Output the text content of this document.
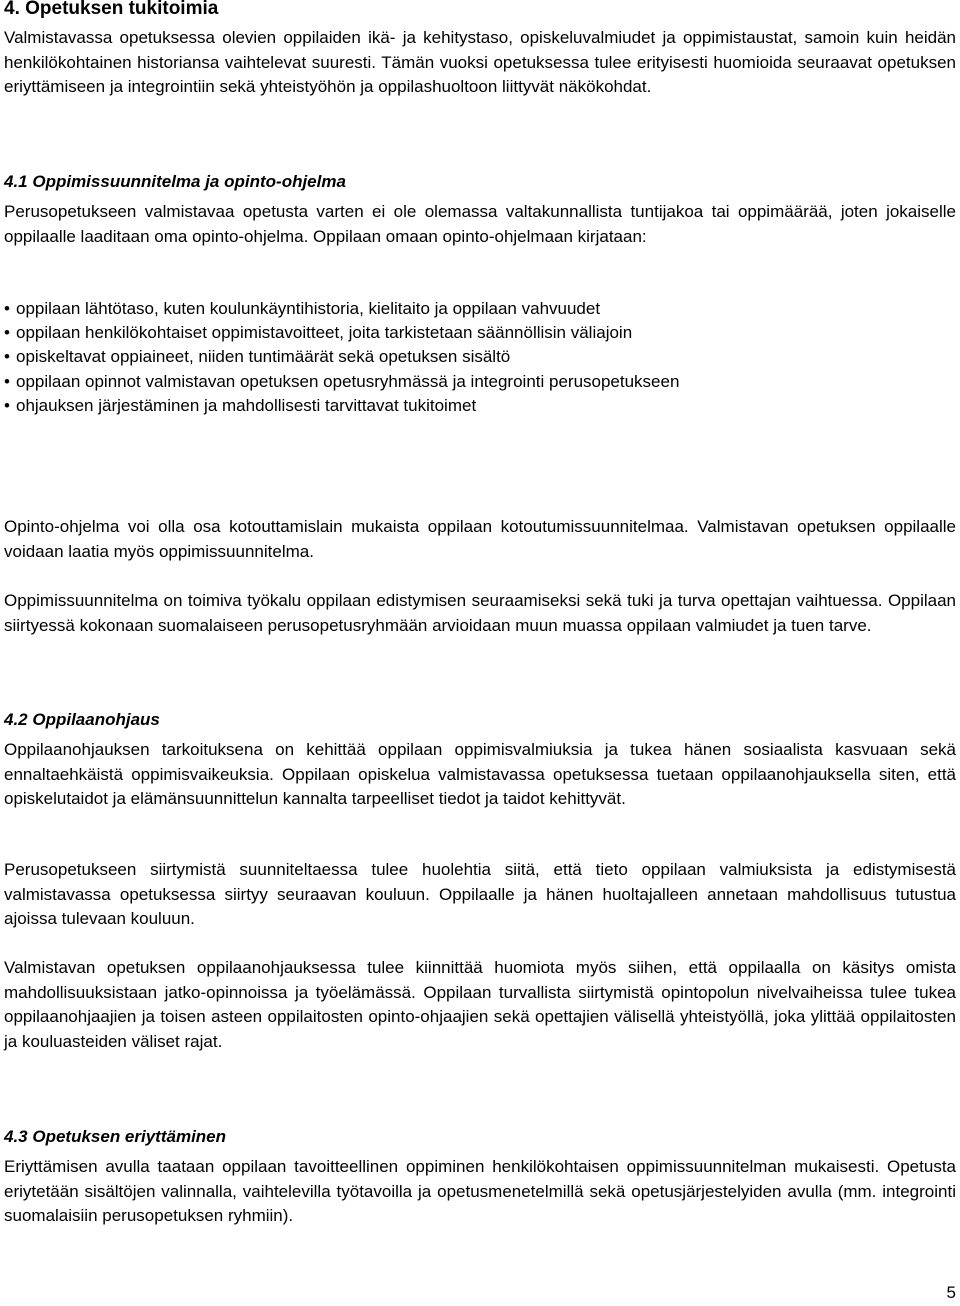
4. Opetuksen tukitoimia

Valmistavassa opetuksessa olevien oppilaiden ikä- ja kehitystaso, opiskeluvalmiudet ja oppimistaustat, samoin kuin heidän henkilökohtainen historiansa vaihtelevat suuresti. Tämän vuoksi opetuksessa tulee erityisesti huomioida seuraavat opetuksen eriyttämiseen ja integrointiin sekä yhteistyöhön ja oppilashuoltoon liittyvät näkökohdat.

4.1 Oppimissuunnitelma ja opinto-ohjelma

Perusopetukseen valmistavaa opetusta varten ei ole olemassa valtakunnallista tuntijakoa tai oppimäärää, joten jokaiselle oppilaalle laaditaan oma opinto-ohjelma. Oppilaan omaan opinto-ohjelmaan kirjataan:

• oppilaan lähtötaso, kuten koulunkäyntihistoria, kielitaito ja oppilaan vahvuudet
• oppilaan henkilökohtaiset oppimistavoitteet, joita tarkistetaan säännöllisin väliajoin
• opiskeltavat oppiaineet, niiden tuntimäärät sekä opetuksen sisältö
• oppilaan opinnot valmistavan opetuksen opetusryhmässä ja integrointi perusopetukseen
• ohjauksen järjestäminen ja mahdollisesti tarvittavat tukitoimet

Opinto-ohjelma voi olla osa kotouttamislain mukaista oppilaan kotoutumissuunnitelmaa. Valmistavan opetuksen oppilaalle voidaan laatia myös oppimissuunnitelma.

Oppimissuunnitelma on toimiva työkalu oppilaan edistymisen seuraamiseksi sekä tuki ja turva opettajan vaihtuessa. Oppilaan siirtyessä kokonaan suomalaiseen perusopetusryhmään arvioidaan muun muassa oppilaan valmiudet ja tuen tarve.

4.2 Oppilaanohjaus

Oppilaanohjauksen tarkoituksena on kehittää oppilaan oppimisvalmiuksia ja tukea hänen sosiaalista kasvuaan sekä ennaltaehkäistä oppimisvaikeuksia. Oppilaan opiskelua valmistavassa opetuksessa tuetaan oppilaanohjauksella siten, että opiskelutaidot ja elämänsuunnittelun kannalta tarpeelliset tiedot ja taidot kehittyvät.

Perusopetukseen siirtymistä suunniteltaessa tulee huolehtia siitä, että tieto oppilaan valmiuksista ja edistymisestä valmistavassa opetuksessa siirtyy seuraavan kouluun. Oppilaalle ja hänen huoltajalleen annetaan mahdollisuus tutustua ajoissa tulevaan kouluun.

Valmistavan opetuksen oppilaanohjauksessa tulee kiinnittää huomiota myös siihen, että oppilaalla on käsitys omista mahdollisuuksistaan jatko-opinnoissa ja työelämässä. Oppilaan turvallista siirtymistä opintopolun nivelvaiheissa tulee tukea oppilaanohjaajien ja toisen asteen oppilaitosten opinto-ohjaajien sekä opettajien välisellä yhteistyöllä, joka ylittää oppilaitosten ja kouluasteiden väliset rajat.

4.3 Opetuksen eriyttäminen

Eriyttämisen avulla taataan oppilaan tavoitteellinen oppiminen henkilökohtaisen oppimissuunnitelman mukaisesti. Opetusta eriytetään sisältöjen valinnalla, vaihtelevilla työtavoilla ja opetusmenetelmillä sekä opetusjärjestelyiden avulla (mm. integrointi suomalaisiin perusopetuksen ryhmiin).

5
